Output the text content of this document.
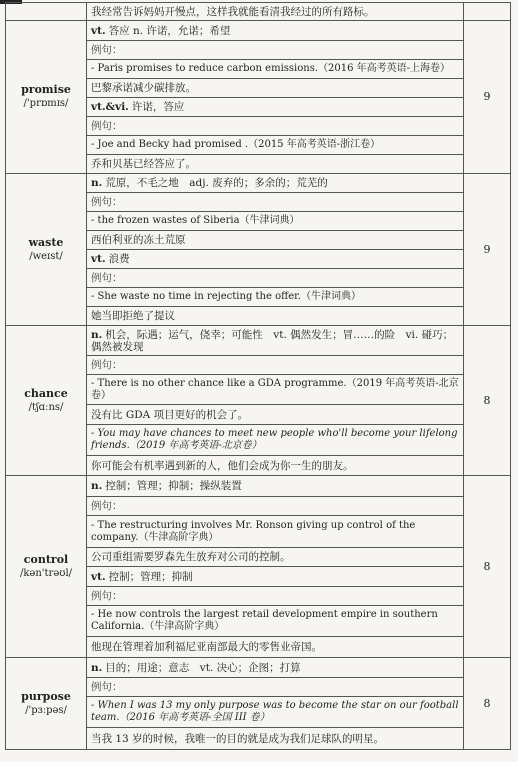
	我经常告诉妈妈开慢点，这样我就能看清我经过的所有路标。	

promise
/'prɒmɪs/	vt. 答应 n. 许诺，允诺；希望	9
	例句：	
	- Paris promises to reduce carbon emissions.（2016 年高考英语-上海卷）	
	巴黎承诺减少碳排放。	
	vt.&vi. 许诺，答应	
	例句：	
	- Joe and Becky had promised .（2015 年高考英语-浙江卷）	
	乔和贝基已经答应了。	

waste
/weɪst/	n. 荒原，不毛之地　adj. 废弃的；多余的；荒芜的	9
	例句：	
	- the frozen wastes of Siberia（牛津词典）	
	西伯利亚的冻土荒原	
	vt. 浪费	
	例句：	
	- She waste no time in rejecting the offer.（牛津词典）	
	她当即拒绝了提议	

chance
/tʃɑːns/	n. 机会，际遇；运气，侥幸；可能性　vt. 偶然发生；冒……的险　vi. 碰巧；偶然被发现	8
	例句：	
	- There is no other chance like a GDA programme.（2019 年高考英语-北京卷）	
	没有比 GDA 项目更好的机会了。	
	- You may have chances to meet new people who'll become your lifelong friends.（2019 年高考英语-北京卷）	
	你可能会有机率遇到新的人，他们会成为你一生的朋友。	

control
/kən'trəʊl/	n. 控制；管理；抑制；操纵装置	8
	例句：	
	- The restructuring involves Mr. Ronson giving up control of the company.（牛津高阶字典）	
	公司重组需要罗森先生放弃对公司的控制。	
	vt. 控制；管理；抑制	
	例句：	
	- He now controls the largest retail development empire in southern California.（牛津高阶字典）	
	他现在管理着加利福尼亚南部最大的零售业帝国。	

purpose
/'pɜːpəs/	n. 目的；用途；意志　vt. 决心；企图；打算	8
	例句：	
	- When I was 13 my only purpose was to become the star on our football team.（2016 年高考英语-全国 III 卷）	
	当我 13 岁的时候，我唯一的目的就是成为我们足球队的明星。	
